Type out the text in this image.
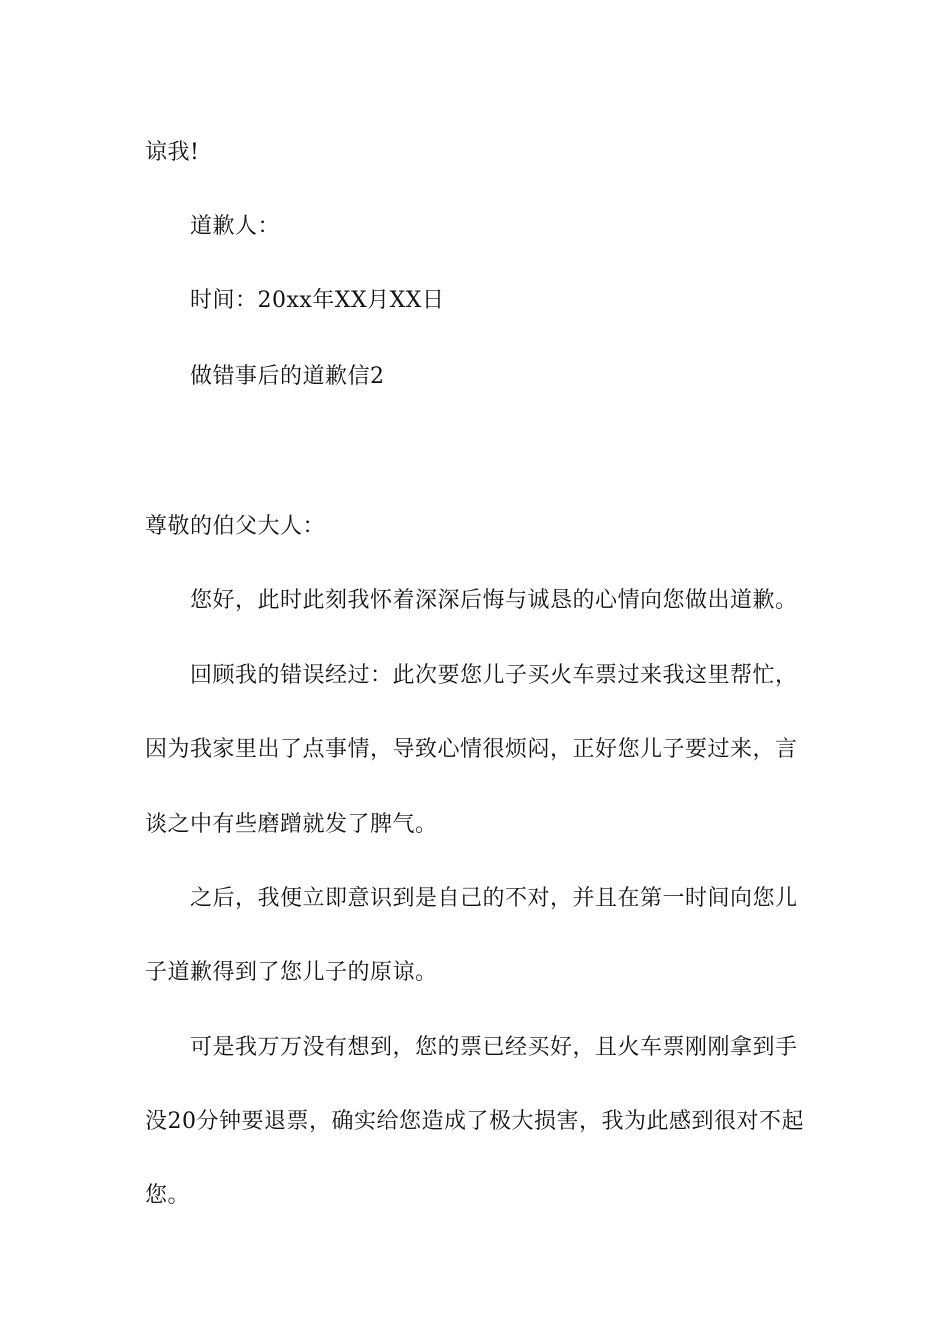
谅我!
道歉人：
时间：20xx年XX月XX日
做错事后的道歉信2
尊敬的伯父大人：
您好，此时此刻我怀着深深后悔与诚恳的心情向您做出道歉。
回顾我的错误经过：此次要您儿子买火车票过来我这里帮忙，
因为我家里出了点事情，导致心情很烦闷，正好您儿子要过来，言
谈之中有些磨蹭就发了脾气。
之后，我便立即意识到是自己的不对，并且在第一时间向您儿
子道歉得到了您儿子的原谅。
可是我万万没有想到，您的票已经买好，且火车票刚刚拿到手
没20分钟要退票，确实给您造成了极大损害，我为此感到很对不起
您。
